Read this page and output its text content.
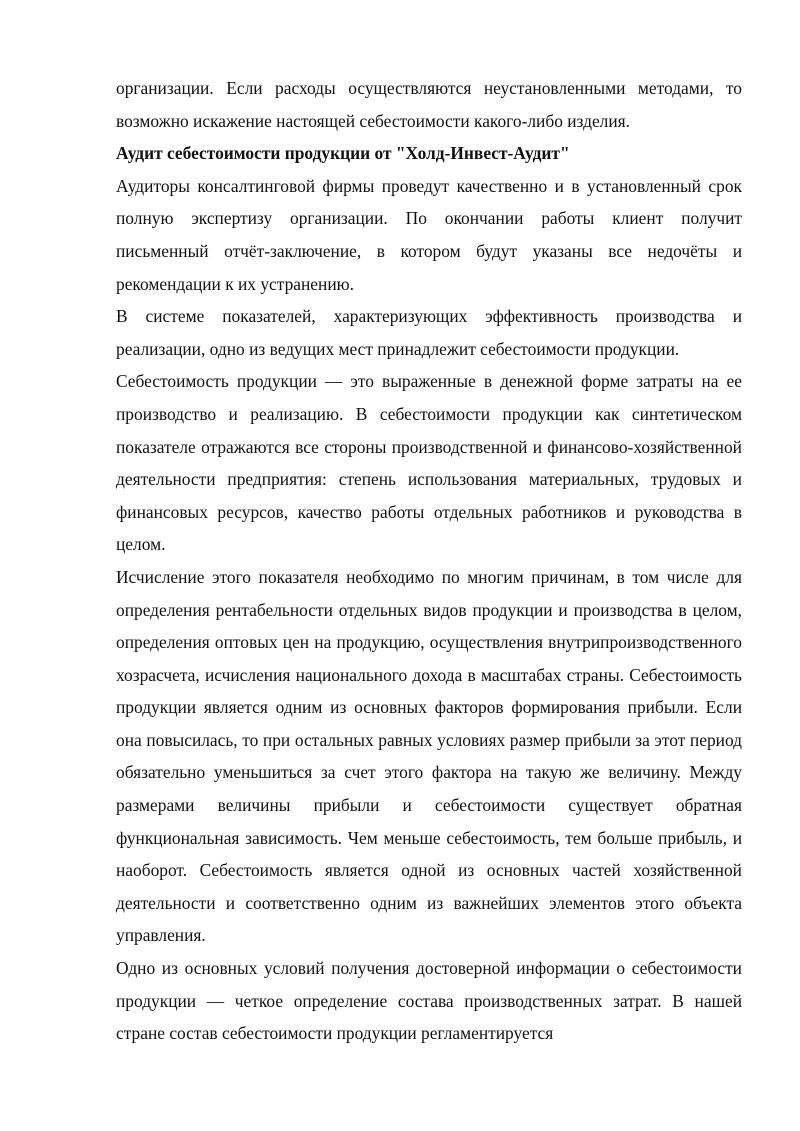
организации. Если расходы осуществляются неустановленными методами, то возможно искажение настоящей себестоимости какого-либо изделия.

Аудит себестоимости продукции от "Холд-Инвест-Аудит"

Аудиторы консалтинговой фирмы проведут качественно и в установленный срок полную экспертизу организации. По окончании работы клиент получит письменный отчёт-заключение, в котором будут указаны все недочёты и рекомендации к их устранению.

В системе показателей, характеризующих эффективность производства и реализации, одно из ведущих мест принадлежит себестоимости продукции.

Себестоимость продукции — это выраженные в денежной форме затраты на ее производство и реализацию. В себестоимости продукции как синтетическом показателе отражаются все стороны производственной и финансово-хозяйственной деятельности предприятия: степень использования материальных, трудовых и финансовых ресурсов, качество работы отдельных работников и руководства в целом.

Исчисление этого показателя необходимо по многим причинам, в том числе для определения рентабельности отдельных видов продукции и производства в целом, определения оптовых цен на продукцию, осуществления внутрипроизводственного хозрасчета, исчисления национального дохода в масштабах страны. Себестоимость продукции является одним из основных факторов формирования прибыли. Если она повысилась, то при остальных равных условиях размер прибыли за этот период обязательно уменьшиться за счет этого фактора на такую же величину. Между размерами величины прибыли и себестоимости существует обратная функциональная зависимость. Чем меньше себестоимость, тем больше прибыль, и наоборот. Себестоимость является одной из основных частей хозяйственной деятельности и соответственно одним из важнейших элементов этого объекта управления.

Одно из основных условий получения достоверной информации о себестоимости продукции — четкое определение состава производственных затрат. В нашей стране состав себестоимости продукции регламентируется
